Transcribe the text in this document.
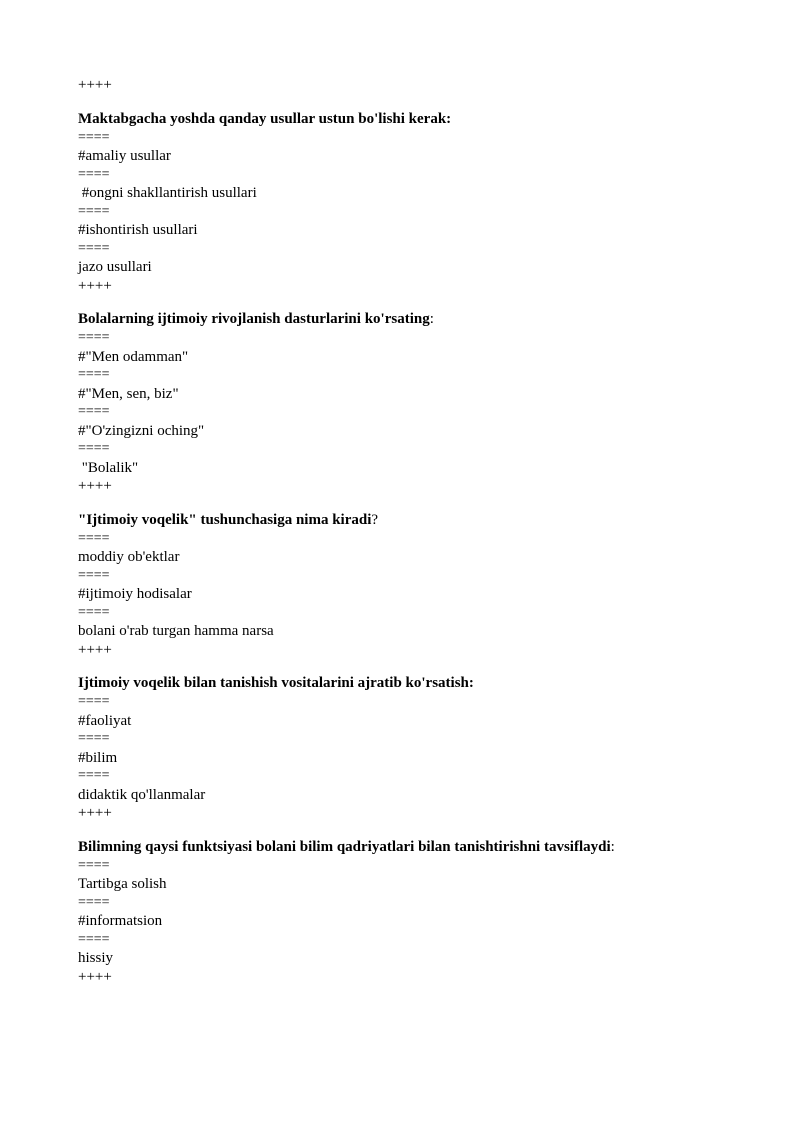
++++
Maktabgacha yoshda qanday usullar ustun bo'lishi kerak:
====
#amaliy usullar
====
#ongni shakllantirish usullari
====
#ishontirish usullari
====
jazo usullari
++++
Bolalarning ijtimoiy rivojlanish dasturlarini ko'rsating:
====
#"Men odamman"
====
#"Men, sen, biz"
====
#"O'zingizni oching"
====
"Bolalik"
++++
"Ijtimoiy voqelik" tushunchasiga nima kiradi?
====
moddiy ob'ektlar
====
#ijtimoiy hodisalar
====
bolani o'rab turgan hamma narsa
++++
Ijtimoiy voqelik bilan tanishish vositalarini ajratib ko'rsatish:
====
#faoliyat
====
#bilim
====
didaktik qo'llanmalar
++++
Bilimning qaysi funktsiyasi bolani bilim qadriyatlari bilan tanishtirishni tavsiflaydi:
====
Tartibga solish
====
#informatsion
====
hissiy
++++
